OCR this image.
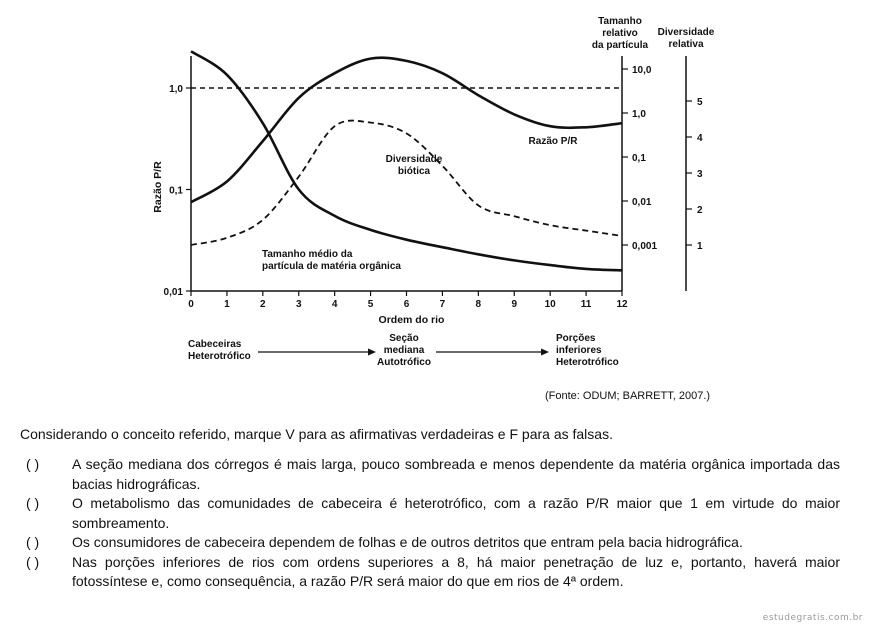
0	1	2	3	4	5	6	7	8	9	10	11	12
Ordem do rio
0,01
0,1
1,0
Razão P/R
0,001
0,01
0,1
1,0
10,0
Tamanho
relativo
da partícula
1
2
3
4
5
Diversidade
relativa
Razão P/R
Diversidade
biótica
Tamanho médio da
partícula de matéria orgânica
Cabeceiras
Heterotrófico
Seção
mediana
Autotrófico
Porções
inferiores
Heterotrófico
(Fonte: ODUM; BARRETT, 2007.)
Considerando o conceito referido, marque V para as afirmativas verdadeiras e F para as falsas.
( )	A seção mediana dos córregos é mais larga, pouco sombreada e menos dependente da matéria orgânica importada das bacias hidrográficas.
( )	O metabolismo das comunidades de cabeceira é heterotrófico, com a razão P/R maior que 1 em virtude do maior sombreamento.
( )	Os consumidores de cabeceira dependem de folhas e de outros detritos que entram pela bacia hidrográfica.
( )	Nas porções inferiores de rios com ordens superiores a 8, há maior penetração de luz e, portanto, haverá maior fotossíntese e, como consequência, a razão P/R será maior do que em rios de 4ª ordem.
estudegratis.com.br
